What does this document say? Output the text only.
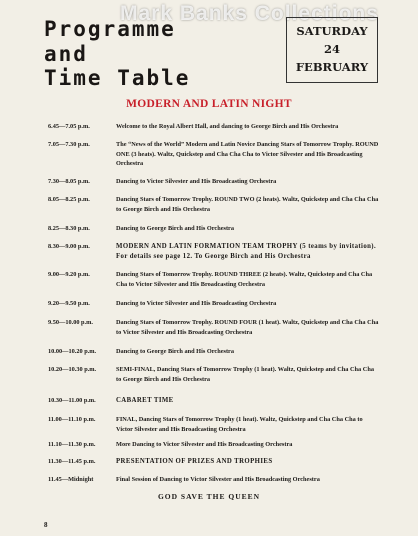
Mark Banks Collections
Programme
and
Time Table
SATURDAY
24
FEBRUARY
MODERN AND LATIN NIGHT
6.45—7.05 p.m.	Welcome to the Royal Albert Hall, and dancing to George Birch and His Orchestra
7.05—7.30 p.m.	The “News of the World” Modern and Latin Novice Dancing Stars of Tomorrow Trophy. ROUND ONE (3 heats). Waltz, Quickstep and Cha Cha Cha to Victor Silvester and His Broadcasting Orchestra
7.30—8.05 p.m.	Dancing to Victor Silvester and His Broadcasting Orchestra
8.05—8.25 p.m.	Dancing Stars of Tomorrow Trophy. ROUND TWO (2 heats). Waltz, Quickstep and Cha Cha Cha to George Birch and His Orchestra
8.25—8.30 p.m.	Dancing to George Birch and His Orchestra
8.30—9.00 p.m.	MODERN AND LATIN FORMATION TEAM TROPHY (5 teams by invitation). For details see page 12. To George Birch and His Orchestra
9.00—9.20 p.m.	Dancing Stars of Tomorrow Trophy. ROUND THREE (2 heats). Waltz, Quickstep and Cha Cha Cha to Victor Silvester and His Broadcasting Orchestra
9.20—9.50 p.m.	Dancing to Victor Silvester and His Broadcasting Orchestra
9.50—10.00 p.m.	Dancing Stars of Tomorrow Trophy. ROUND FOUR (1 heat). Waltz, Quickstep and Cha Cha Cha to Victor Silvester and His Broadcasting Orchestra
10.00—10.20 p.m.	Dancing to George Birch and His Orchestra
10.20—10.30 p.m.	SEMI-FINAL, Dancing Stars of Tomorrow Trophy (1 heat). Waltz, Quickstep and Cha Cha Cha to George Birch and His Orchestra
10.30—11.00 p.m.	CABARET TIME
11.00—11.10 p.m.	FINAL, Dancing Stars of Tomorrow Trophy (1 heat). Waltz, Quickstep and Cha Cha Cha to Victor Silvester and His Broadcasting Orchestra
11.10—11.30 p.m.	More Dancing to Victor Silvester and His Broadcasting Orchestra
11.30—11.45 p.m.	PRESENTATION OF PRIZES AND TROPHIES
11.45—Midnight	Final Session of Dancing to Victor Silvester and His Broadcasting Orchestra
GOD SAVE THE QUEEN
8
